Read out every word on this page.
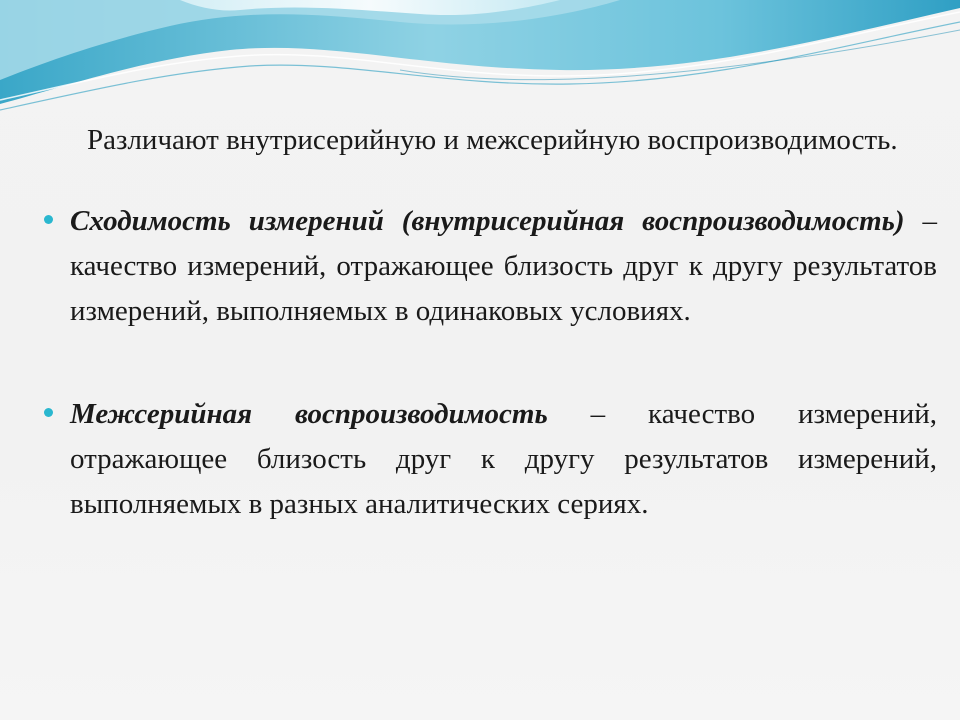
Различают внутрисерийную и межсерийную воспроизводимость.

Сходимость измерений (внутрисерийная воспроизводимость) – качество измерений, отражающее близость друг к другу результатов измерений, выполняемых в одинаковых условиях.
Межсерийная воспроизводимость – качество измерений, отражающее близость друг к другу результатов измерений, выполняемых в разных аналитических сериях.
